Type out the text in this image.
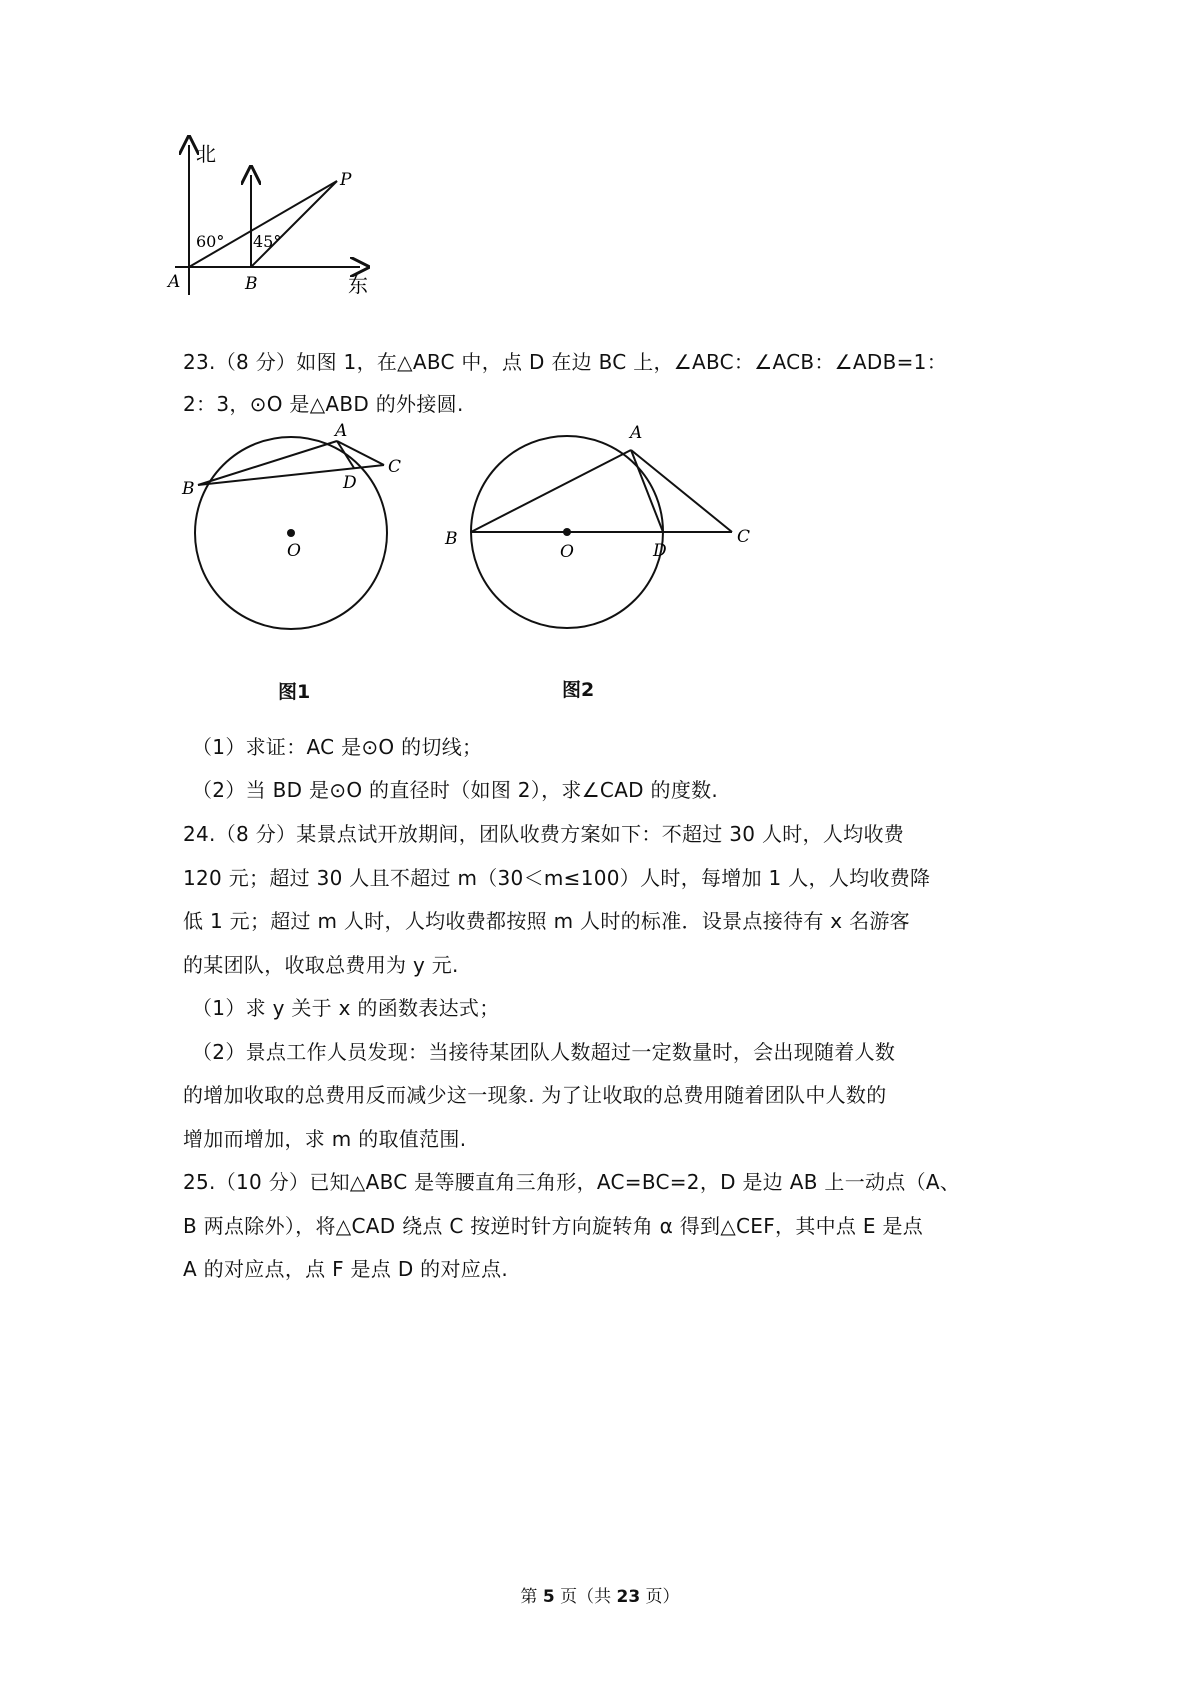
北
东
A	B
P
60° 45°
23.（8 分）如图 1，在△ABC 中，点 D 在边 BC 上，∠ABC：∠ACB：∠ADB=1：
2：3，⊙O 是△ABD 的外接圆.
A
B
C
D
O
图1
A
B	C
D
O
图2
（1）求证：AC 是⊙O 的切线；
（2）当 BD 是⊙O 的直径时（如图 2），求∠CAD 的度数.
24.（8 分）某景点试开放期间，团队收费方案如下：不超过 30 人时，人均收费
120 元；超过 30 人且不超过 m（30＜m≤100）人时，每增加 1 人，人均收费降
低 1 元；超过 m 人时，人均收费都按照 m 人时的标准．设景点接待有 x 名游客
的某团队，收取总费用为 y 元.
（1）求 y 关于 x 的函数表达式；
（2）景点工作人员发现：当接待某团队人数超过一定数量时，会出现随着人数
的增加收取的总费用反而减少这一现象. 为了让收取的总费用随着团队中人数的
增加而增加，求 m 的取值范围.
25.（10 分）已知△ABC 是等腰直角三角形，AC=BC=2，D 是边 AB 上一动点（A、
B 两点除外），将△CAD 绕点 C 按逆时针方向旋转角 α 得到△CEF，其中点 E 是点
A 的对应点，点 F 是点 D 的对应点.
第 5 页（共 23 页）
